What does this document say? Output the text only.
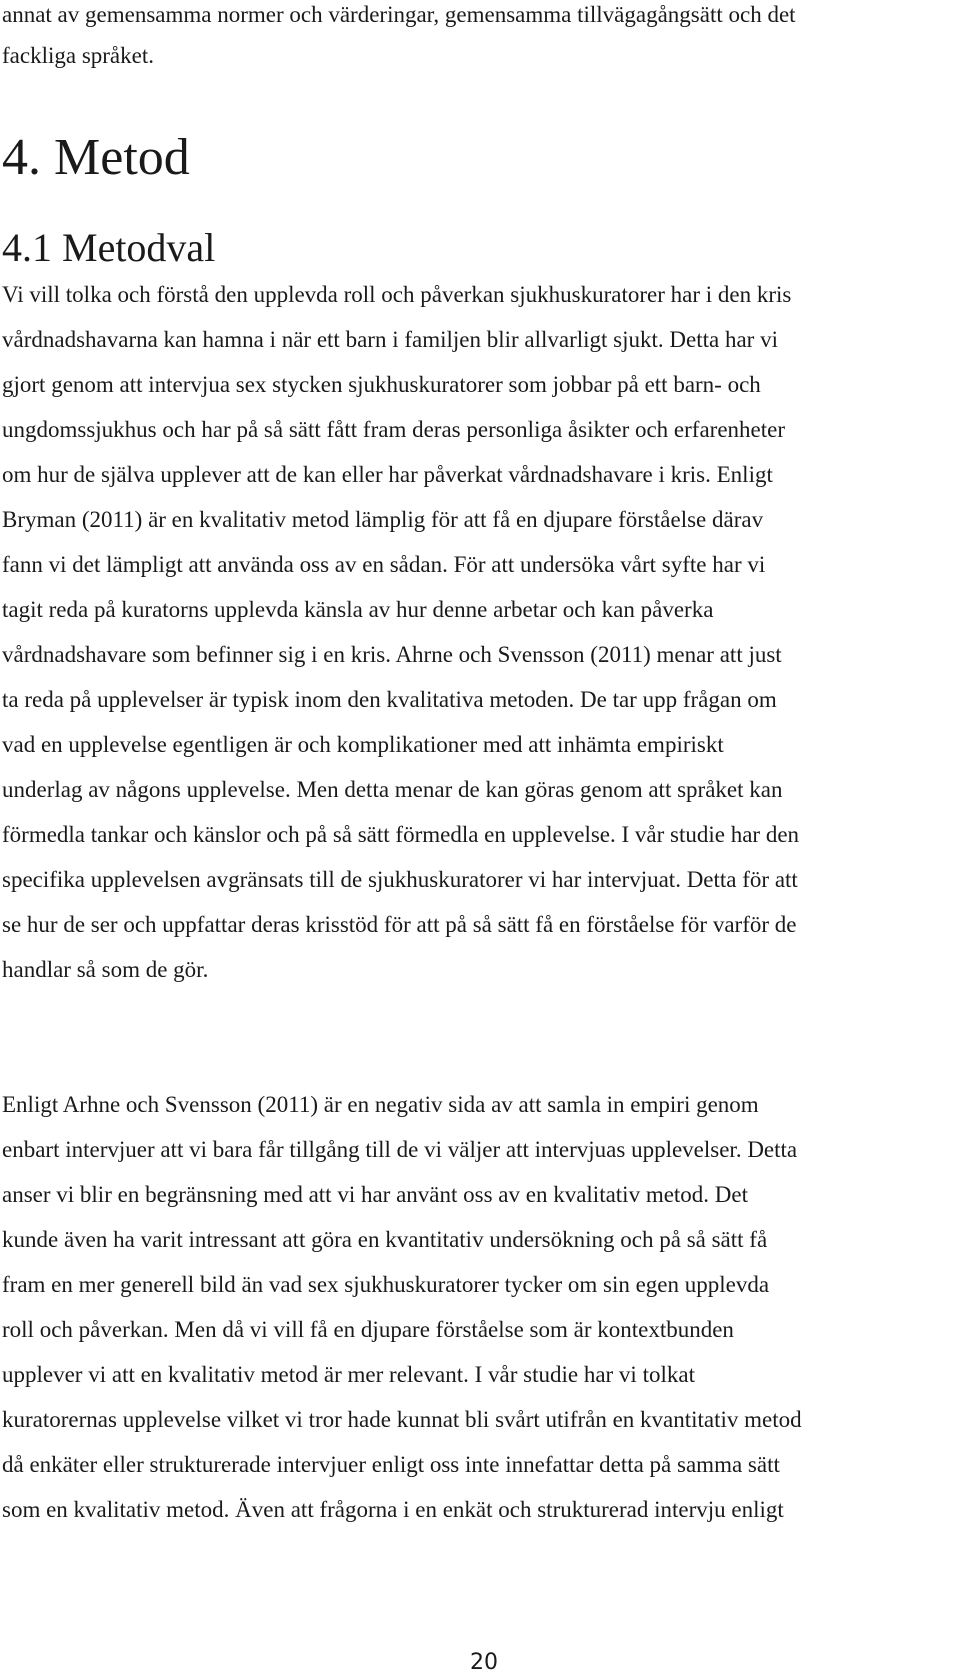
annat av gemensamma normer och värderingar, gemensamma tillvägagångsätt och det
fackliga språket.
4. Metod
4.1 Metodval
Vi vill tolka och förstå den upplevda roll och påverkan sjukhuskuratorer har i den kris
vårdnadshavarna kan hamna i när ett barn i familjen blir allvarligt sjukt. Detta har vi
gjort genom att intervjua sex stycken sjukhuskuratorer som jobbar på ett barn- och
ungdomssjukhus och har på så sätt fått fram deras personliga åsikter och erfarenheter
om hur de själva upplever att de kan eller har påverkat vårdnadshavare i kris. Enligt
Bryman (2011) är en kvalitativ metod lämplig för att få en djupare förståelse därav
fann vi det lämpligt att använda oss av en sådan. För att undersöka vårt syfte har vi
tagit reda på kuratorns upplevda känsla av hur denne arbetar och kan påverka
vårdnadshavare som befinner sig i en kris. Ahrne och Svensson (2011) menar att just
ta reda på upplevelser är typisk inom den kvalitativa metoden. De tar upp frågan om
vad en upplevelse egentligen är och komplikationer med att inhämta empiriskt
underlag av någons upplevelse. Men detta menar de kan göras genom att språket kan
förmedla tankar och känslor och på så sätt förmedla en upplevelse. I vår studie har den
specifika upplevelsen avgränsats till de sjukhuskuratorer vi har intervjuat. Detta för att
se hur de ser och uppfattar deras krisstöd för att på så sätt få en förståelse för varför de
handlar så som de gör.
Enligt Arhne och Svensson (2011) är en negativ sida av att samla in empiri genom
enbart intervjuer att vi bara får tillgång till de vi väljer att intervjuas upplevelser. Detta
anser vi blir en begränsning med att vi har använt oss av en kvalitativ metod. Det
kunde även ha varit intressant att göra en kvantitativ undersökning och på så sätt få
fram en mer generell bild än vad sex sjukhuskuratorer tycker om sin egen upplevda
roll och påverkan. Men då vi vill få en djupare förståelse som är kontextbunden
upplever vi att en kvalitativ metod är mer relevant. I vår studie har vi tolkat
kuratorernas upplevelse vilket vi tror hade kunnat bli svårt utifrån en kvantitativ metod
då enkäter eller strukturerade intervjuer enligt oss inte innefattar detta på samma sätt
som en kvalitativ metod. Även att frågorna i en enkät och strukturerad intervju enligt
20
